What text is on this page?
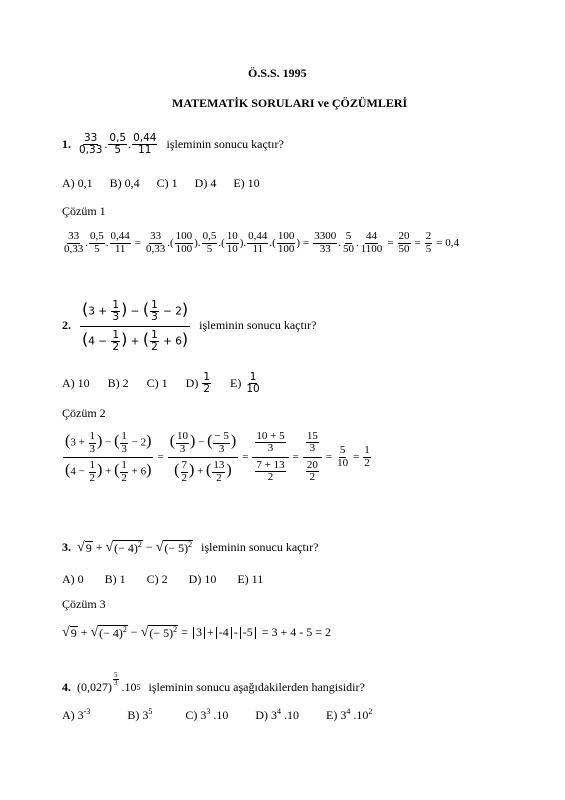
Ö.S.S. 1995
MATEMATİK SORULARI ve ÇÖZÜMLERİ
1. $\frac{33}{0,33}$ . $\frac{0,5}{5}$ . $\frac{0,44}{11}$ işleminin sonucu kaçtır?
A) 0,1 B) 0,4 C) 1 D) 4 E) 10
Çözüm 1
$\frac{33}{0,33}$ . $\frac{0,5}{5}$ . $\frac{0,44}{11} = \frac{33}{0,33}$ .( $\frac{100}{100}$ ). $\frac{0,5}{5}$ .( $\frac{10}{10}$ ). $\frac{0,44}{11}$ .( $\frac{100}{100}$ ) = $\frac{3300}{33}$ . $\frac{5}{50}$ . $\frac{44}{1100} = \frac{20}{50} = \frac{2}{5} = 0,4$
2. $\frac{(3 + \frac{1}{3} ) - ( \frac{1}{3} - 2)}{(4 - \frac{1}{2} ) + ( \frac{1}{2} + 6)}$ işleminin sonucu kaçtır?
A) 10 B) 2 C) 1 $D) \frac{1}{2} E) \frac{1}{10}$
Çözüm 2
$\frac{(3 + \frac{1}{3} ) - ( \frac{1}{3} - 2)}{(4 - \frac{1}{2} ) + ( \frac{1}{2} + 6)} = \frac{( \frac{10}{3} ) - ( \frac{- 5}{3} )}{( \frac{7}{2} ) + ( \frac{13}{2} )} = \frac{\frac{10 + 5}{3}}{\frac{7 + 13}{2}} = \frac{\frac{15}{3}}{\frac{20}{2}} = \frac{5}{10} = \frac{1}{2}$
3. √ 9 + √ (− 4)$^2$ − √ (− 5)$^2$ işleminin sonucu kaçtır?
A) 0 B) 1 C) 2 D) 10 E) 11
Çözüm 3
√ 9 + √ (− 4)$^2$ − √ (− 5)$^2$ = 3
+
-4
-
-5 = 3 + 4 - 5 = 2
4. $(0,027) \frac{5}{3} .10$ 5 işleminin sonucu aşağıdakilerden hangisidir?
A) $3^{-3}$	B) $3^5$	C) $3^3$ .10 D) $3^4$ .10 E) $3^4$ $.10^2$
